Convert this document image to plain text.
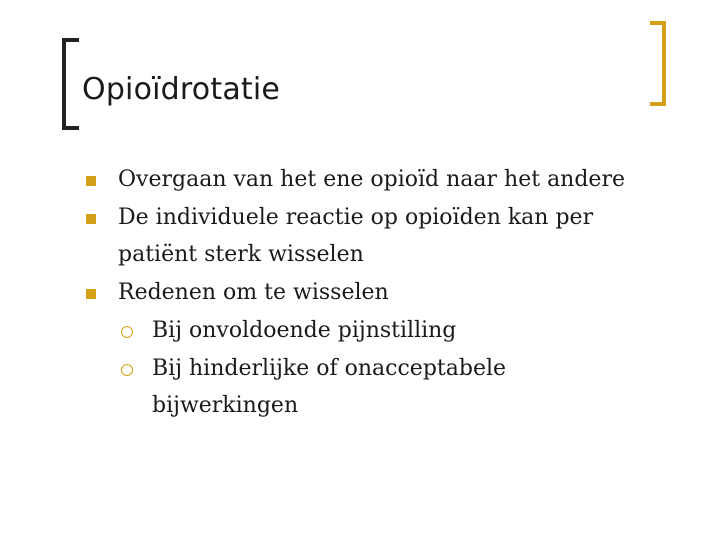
Opioïdrotatie
Overgaan van het ene opioïd naar het andere
De individuele reactie op opioïden kan per
patiënt sterk wisselen
Redenen om te wisselen
Bij onvoldoende pijnstilling
Bij hinderlijke of onacceptabele
bijwerkingen
